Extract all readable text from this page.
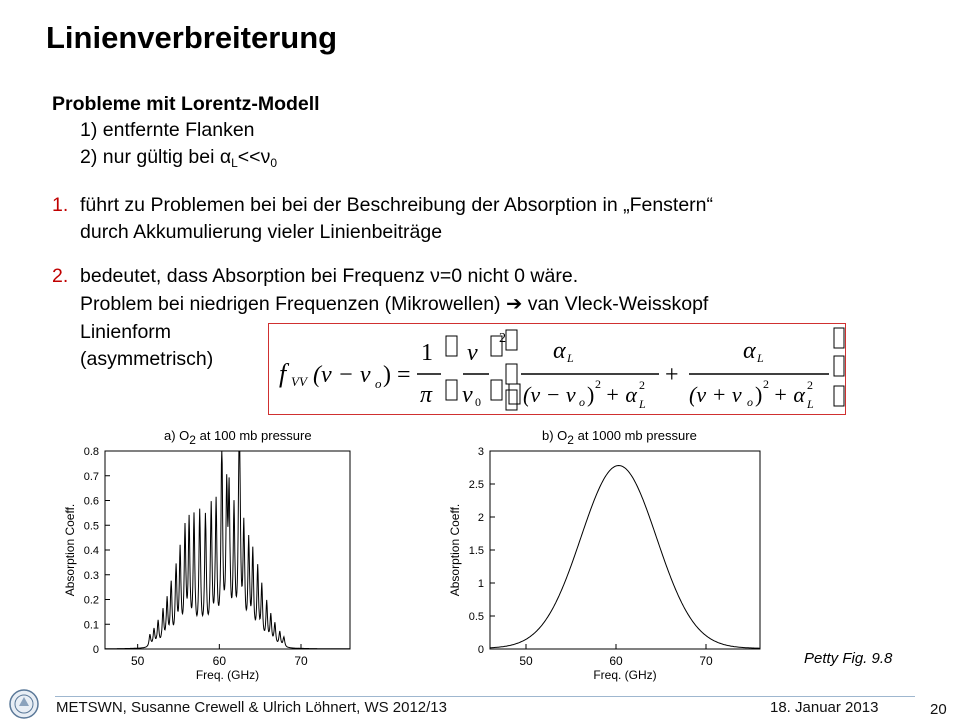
Linienverbreiterung
Probleme mit Lorentz-Modell
1) entfernte Flanken
2) nur gültig bei $\alpha_L<<\nu_0$
1. führt zu Problemen bei bei der Beschreibung der Absorption in „Fenstern“
durch Akkumulierung vieler Linienbeiträge
2. bedeutet, dass Absorption bei Frequenz ν=0 nicht 0 wäre.
Problem bei niedrigen Frequenzen (Mikrowellen) ➔ van Vleck-Weisskopf
Linienform
(asymmetrisch)	f VV (ν − ν o ) =
1
π
ν
ν 0
2 α L
(ν − ν o ) 2 + α 2
L
+
α L
(ν + ν o ) 2 + α 2
L
a) $O_2$ at 100 mb pressure	b) $O_2$ at 1000 mb pressure
0
0.1
0.2
0.3
0.4
0.5
0.6
0.7
0.8
50	60	70
Freq. (GHz)
Absorption Coeff.
0
0.5
1
1.5
2
2.5
3
50	60	70
Freq. (GHz)
Absorption Coeff.
Petty Fig. 9.8
METSWN, Susanne Crewell & Ulrich Löhnert, WS 2012/13	18. Januar 2013	20
